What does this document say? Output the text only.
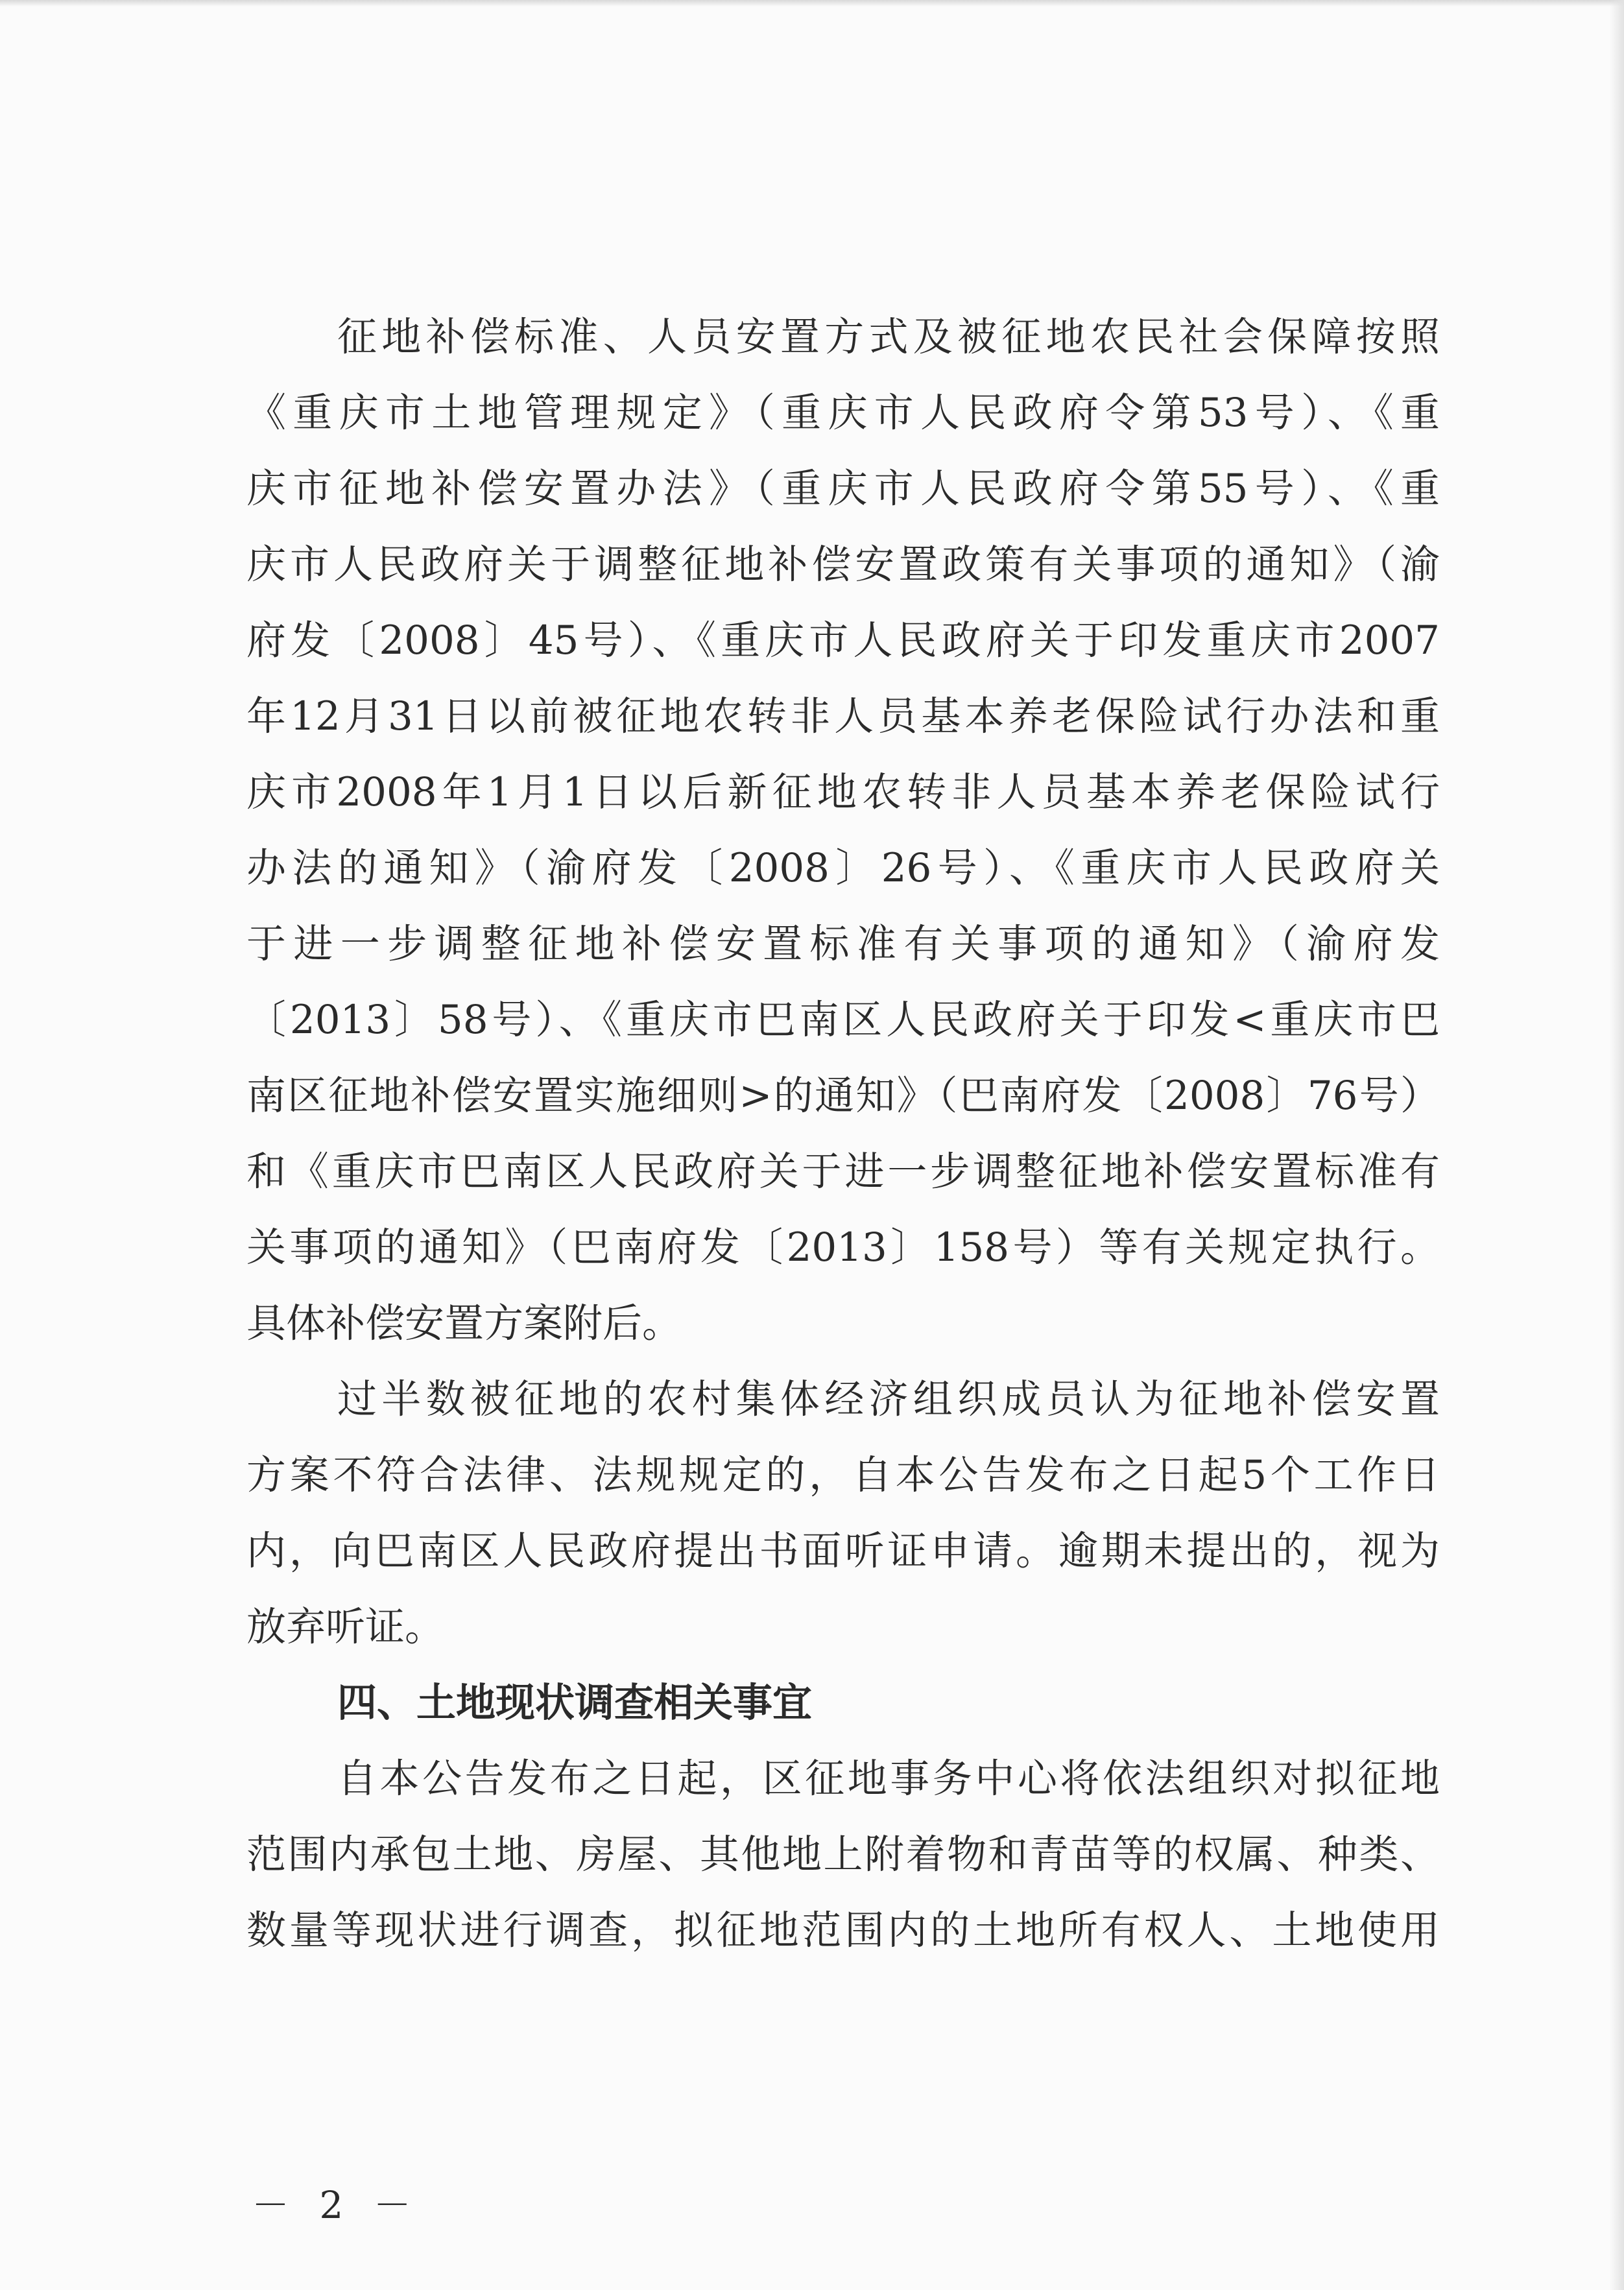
征地补偿标准、人员安置方式及被征地农民社会保障按照
《重庆市土地管理规定》（重庆市人民政府令第53号）、《重
庆市征地补偿安置办法》（重庆市人民政府令第55号）、《重
庆市人民政府关于调整征地补偿安置政策有关事项的通知》（渝
府发〔2008〕45号）、《重庆市人民政府关于印发重庆市2007
年12月31日以前被征地农转非人员基本养老保险试行办法和重
庆市2008年1月1日以后新征地农转非人员基本养老保险试行
办法的通知》（渝府发〔2008〕26号）、《重庆市人民政府关
于进一步调整征地补偿安置标准有关事项的通知》（渝府发
〔2013〕58号）、《重庆市巴南区人民政府关于印发<重庆市巴
南区征地补偿安置实施细则>的通知》（巴南府发〔2008〕76号）
和《重庆市巴南区人民政府关于进一步调整征地补偿安置标准有
关事项的通知》（巴南府发〔2013〕158号）等有关规定执行。
具体补偿安置方案附后。
过半数被征地的农村集体经济组织成员认为征地补偿安置
方案不符合法律、法规规定的，自本公告发布之日起5个工作日
内，向巴南区人民政府提出书面听证申请。逾期未提出的，视为
放弃听证。
四、土地现状调查相关事宜
自本公告发布之日起，区征地事务中心将依法组织对拟征地
范围内承包土地、房屋、其他地上附着物和青苗等的权属、种类、
数量等现状进行调查，拟征地范围内的土地所有权人、土地使用
－ 2 －
